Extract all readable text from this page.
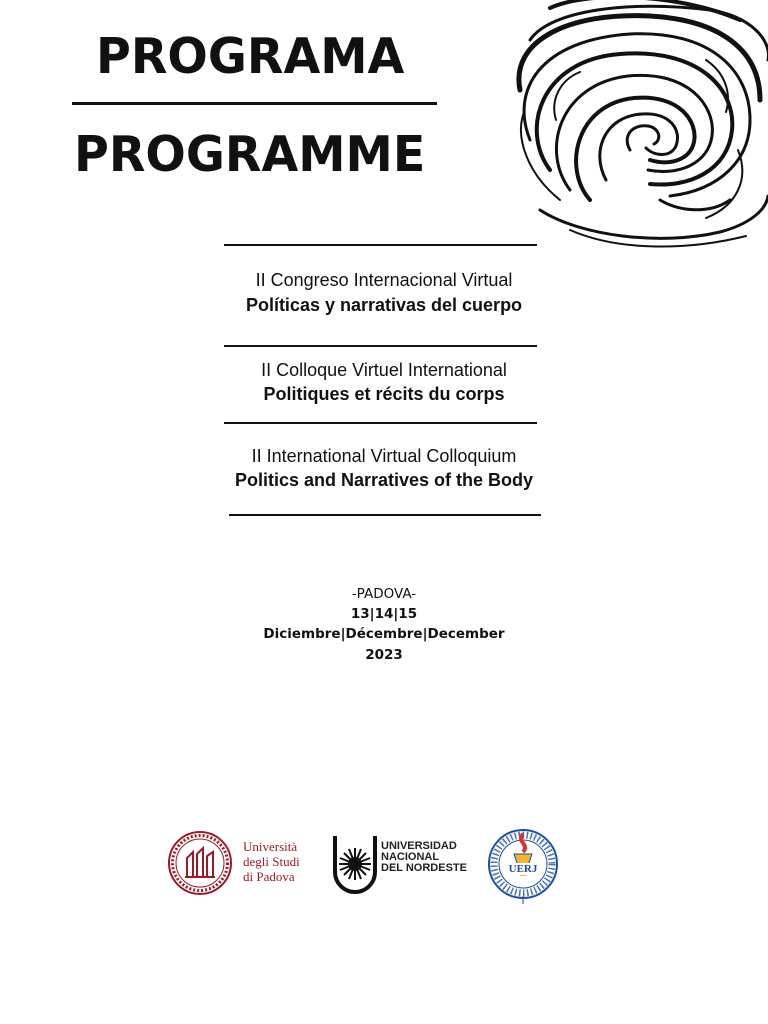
PROGRAMA
PROGRAMME
II Congreso Internacional Virtual
Políticas y narrativas del cuerpo
II Colloque Virtuel International
Politiques et récits du corps
II International Virtual Colloquium
Politics and Narratives of the Body
-PADOVA-
13|14|15
Diciembre|Décembre|December
2023
Università
degli Studi
di Padova
UNIVERSIDAD
NACIONAL
DEL NORDESTE	UERJ
